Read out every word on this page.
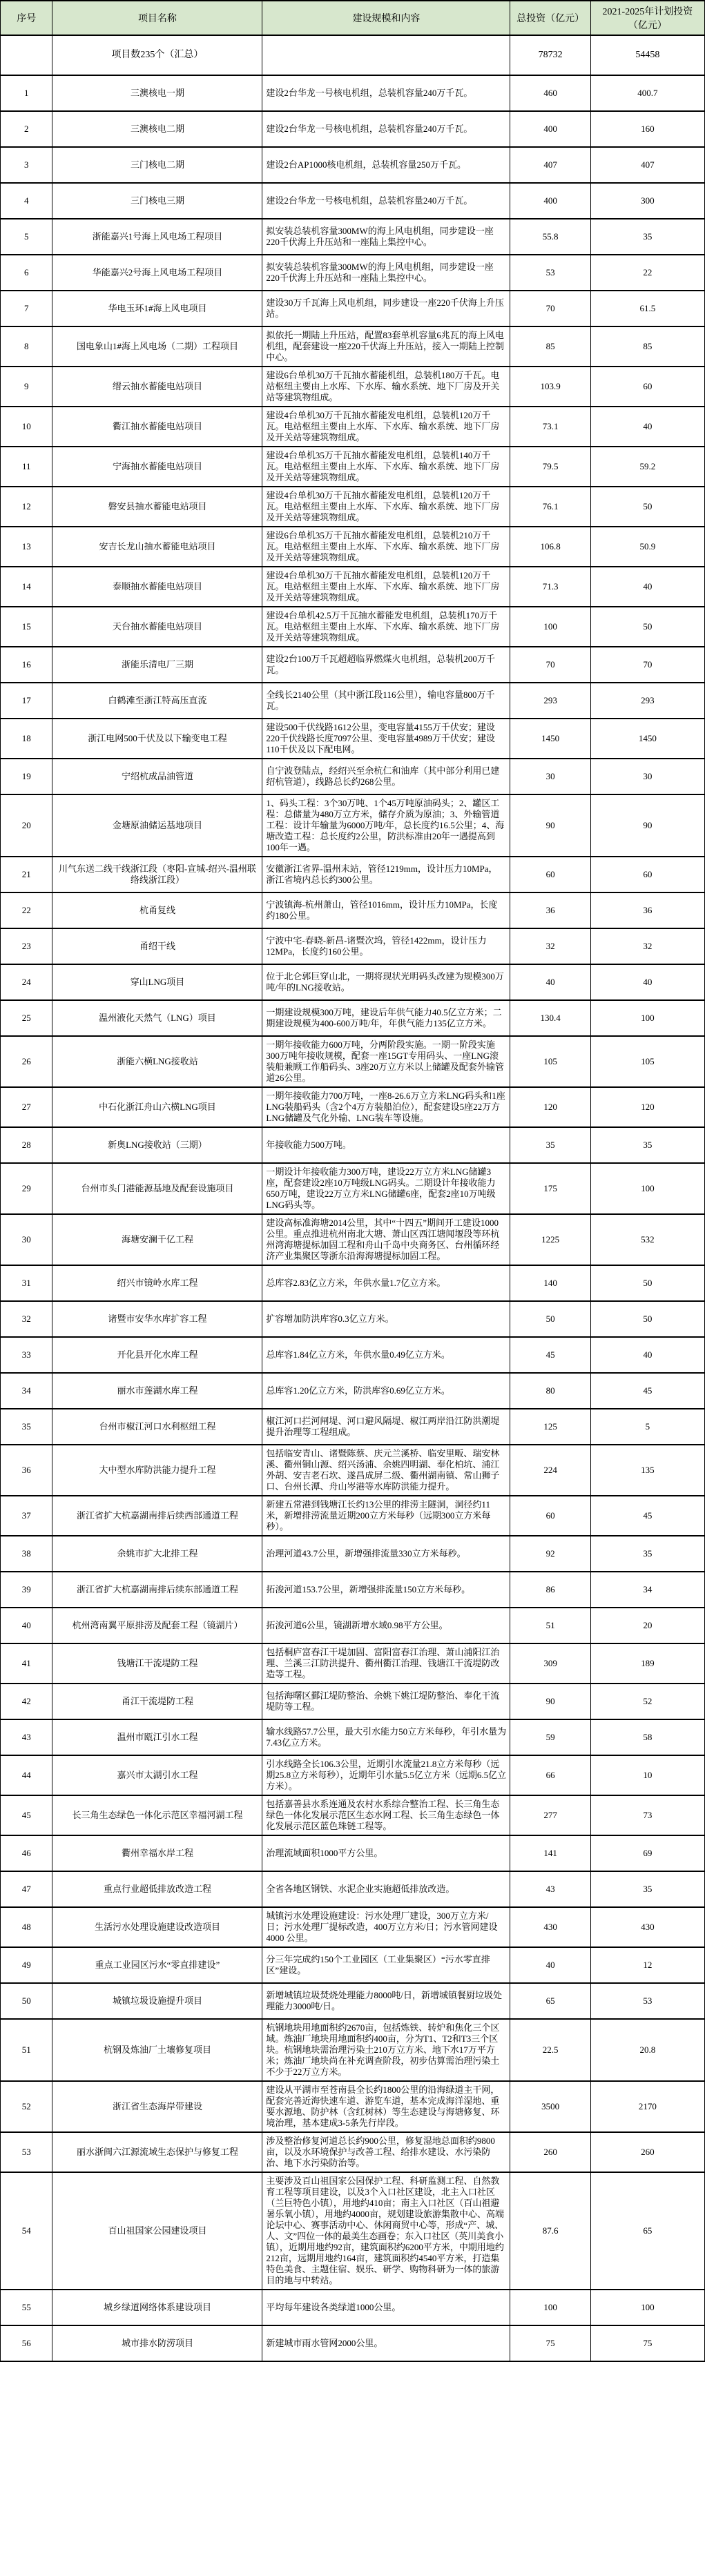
序号	项目名称	建设规模和内容	总投资（亿元）	2021-2025年计划投资（亿元）
	项目数235个（汇总）		78732	54458
1	三澳核电一期	建设2台华龙一号核电机组，总装机容量240万千瓦。	460	400.7
2	三澳核电二期	建设2台华龙一号核电机组，总装机容量240万千瓦。	400	160
3	三门核电二期	建设2台AP1000核电机组，总装机容量250万千瓦。	407	407
4	三门核电三期	建设2台华龙一号核电机组，总装机容量240万千瓦。	400	300
5	浙能嘉兴1号海上风电场工程项目	拟安装总装机容量300MW的海上风电机组，同步建设一座220千伏海上升压站和一座陆上集控中心。	55.8	35
6	华能嘉兴2号海上风电场工程项目	拟安装总装机容量300MW的海上风电机组，同步建设一座220千伏海上升压站和一座陆上集控中心。	53	22
7	华电玉环1#海上风电项目	建设30万千瓦海上风电机组，同步建设一座220千伏海上升压站。	70	61.5
8	国电象山1#海上风电场（二期）工程项目	拟依托一期陆上升压站，配置83套单机容量6兆瓦的海上风电机组，配套建设一座220千伏海上升压站，接入一期陆上控制中心。	85	85
9	缙云抽水蓄能电站项目	建设6台单机30万千瓦抽水蓄能机组，总装机180万千瓦。电站枢纽主要由上水库、下水库、输水系统、地下厂房及开关站等建筑物组成。	103.9	60
10	衢江抽水蓄能电站项目	建设4台单机30万千瓦抽水蓄能发电机组，总装机120万千瓦。电站枢纽主要由上水库、下水库、输水系统、地下厂房及开关站等建筑物组成。	73.1	40
11	宁海抽水蓄能电站项目	建设4台单机35万千瓦抽水蓄能发电机组，总装机140万千瓦。电站枢纽主要由上水库、下水库、输水系统、地下厂房及开关站等建筑物组成。	79.5	59.2
12	磐安县抽水蓄能电站项目	建设4台单机30万千瓦抽水蓄能发电机组，总装机120万千瓦。电站枢纽主要由上水库、下水库、输水系统、地下厂房及开关站等建筑物组成。	76.1	50
13	安吉长龙山抽水蓄能电站项目	建设6台单机35万千瓦抽水蓄能发电机组，总装机210万千瓦。电站枢纽主要由上水库、下水库、输水系统、地下厂房及开关站等建筑物组成。	106.8	50.9
14	泰顺抽水蓄能电站项目	建设4台单机30万千瓦抽水蓄能发电机组，总装机120万千瓦。电站枢纽主要由上水库、下水库、输水系统、地下厂房及开关站等建筑物组成。	71.3	40
15	天台抽水蓄能电站项目	建设4台单机42.5万千瓦抽水蓄能发电机组，总装机170万千瓦。电站枢纽主要由上水库、下水库、输水系统、地下厂房及开关站等建筑物组成。	100	50
16	浙能乐清电厂三期	建设2台100万千瓦超超临界燃煤火电机组，总装机200万千瓦。	70	70
17	白鹤滩至浙江特高压直流	全线长2140公里（其中浙江段116公里），输电容量800万千瓦。	293	293
18	浙江电网500千伏及以下输变电工程	建设500千伏线路1612公里，变电容量4155万千伏安；建设220千伏线路长度7097公里、变电容量4989万千伏安；建设110千伏及以下配电网。	1450	1450
19	宁绍杭成品油管道	自宁波登陆点，经绍兴至余杭仁和油库（其中部分利用已建绍杭管道），线路总长约268公里。	30	30
20	金塘原油储运基地项目	1、码头工程：3个30万吨、1个45万吨原油码头；2、罐区工程：总储量为480万立方米，储存介质为原油；3、外输管道工程：设计年输量为6000万吨/年，总长度约16.5公里；4、海塘改造工程：总长度约2公里，防洪标准由20年一遇提高到100年一遇。	90	90
21	川气东送二线干线浙江段（枣阳-宣城-绍兴-温州联络线浙江段）	安徽浙江省界-温州末站，管径1219mm，设计压力10MPa，浙江省境内总长约300公里。	60	60
22	杭甬复线	宁波镇海-杭州萧山，管径1016mm，设计压力10MPa，长度约180公里。	36	36
23	甬绍干线	宁波中宅-春晓-新昌-诸暨次坞，管径1422mm，设计压力12MPa，长度约160公里。	32	32
24	穿山LNG项目	位于北仑郭巨穿山北，一期将现状光明码头改建为规模300万吨/年的LNG接收站。	40	40
25	温州液化天然气（LNG）项目	一期建设规模300万吨，建设后年供气能力40.5亿立方米；二期建设规模为400-600万吨/年，年供气能力135亿立方米。	130.4	100
26	浙能六横LNG接收站	一期年接收能力600万吨，分两阶段实施。一期一阶段实施300万吨年接收规模，配套一座15GT专用码头、一座LNG滚装船兼顾工作船码头、3座20万立方米以上储罐及配套外输管道26公里。	105	105
27	中石化浙江舟山六横LNG项目	一期年接收能力700万吨，一座8-26.6万立方米LNG码头和1座LNG装船码头（含2个4万方装船泊位），配套建设5座22万方LNG储罐及气化外输、LNG装车等设施。	120	120
28	新奥LNG接收站（三期）	年接收能力500万吨。	35	35
29	台州市头门港能源基地及配套设施项目	一期设计年接收能力300万吨，建设22万立方米LNG储罐3座，配套建设2座10万吨级LNG码头。二期设计年接收能力650万吨，建设22万立方米LNG储罐6座，配套2座10万吨级LNG码头等。	175	100
30	海塘安澜千亿工程	建设高标准海塘2014公里，其中“十四五”期间开工建设1000公里。重点推进杭州南北大塘、萧山区西江塘闻堰段等环杭州湾海塘提标加固工程和舟山千岛中央商务区、台州循环经济产业集聚区等浙东沿海海塘提标加固工程。	1225	532
31	绍兴市镜岭水库工程	总库容2.83亿立方米，年供水量1.7亿立方米。	140	50
32	诸暨市安华水库扩容工程	扩容增加防洪库容0.3亿立方米。	50	50
33	开化县开化水库工程	总库容1.84亿立方米，年供水量0.49亿立方米。	45	40
34	丽水市莲湖水库工程	总库容1.20亿立方米，防洪库容0.69亿立方米。	80	45
35	台州市椒江河口水利枢纽工程	椒江河口拦河闸堤、河口避风隔堤、椒江两岸沿江防洪潮堤提升治理等工程组成。	125	5
36	大中型水库防洪能力提升工程	包括临安青山、诸暨陈蔡、庆元兰溪桥、临安里畈、瑞安林溪、衢州铜山源、绍兴汤浦、余姚四明湖、奉化柏坑、浦江外胡、安吉老石坎、遂昌成屏二级、衢州湖南镇、常山狮子口、台州长潭、舟山岑港等水库防洪能力提升。	224	135
37	浙江省扩大杭嘉湖南排后续西部通道工程	新建五常港到钱塘江长约13公里的排涝主隧洞，洞径约11米，新增排涝流量近期200立方米每秒（远期300立方米每秒）。	60	45
38	余姚市扩大北排工程	治理河道43.7公里，新增强排流量330立方米每秒。	92	35
39	浙江省扩大杭嘉湖南排后续东部通道工程	拓浚河道153.7公里，新增强排流量150立方米每秒。	86	34
40	杭州湾南翼平原排涝及配套工程（镜湖片）	拓浚河道6公里，镜湖新增水域0.98平方公里。	51	20
41	钱塘江干流堤防工程	包括桐庐富春江干堤加固、富阳富春江治理、萧山浦阳江治理、兰溪三江防洪提升、衢州衢江治理、钱塘江干流堤防改造等工程。	309	189
42	甬江干流堤防工程	包括海曙区鄞江堤防整治、余姚下姚江堤防整治、奉化干流堤防等工程。	90	52
43	温州市瓯江引水工程	输水线路57.7公里，最大引水能力50立方米每秒，年引水量为7.43亿立方米。	59	58
44	嘉兴市太湖引水工程	引水线路全长106.3公里，近期引水流量21.8立方米每秒（远期25.8立方米每秒），近期年引水量5.5亿立方米（远期6.5亿立方米）。	66	10
45	长三角生态绿色一体化示范区幸福河湖工程	包括嘉善县水系连通及农村水系综合整治工程、长三角生态绿色一体化发展示范区生态水网工程、长三角生态绿色一体化发展示范区蓝色珠链工程等。	277	73
46	衢州幸福水岸工程	治理流域面积1000平方公里。	141	69
47	重点行业超低排放改造工程	全省各地区钢铁、水泥企业实施超低排放改造。	43	35
48	生活污水处理设施建设改造项目	城镇污水处理设施建设：污水处理厂建设，300万立方米/日；污水处理厂提标改造，400万立方米/日；污水管网建设4000 公里。	430	430
49	重点工业园区污水“零直排建设”	分三年完成约150个工业园区（工业集聚区）“污水零直排区”建设。	40	12
50	城镇垃圾设施提升项目	新增城镇垃圾焚烧处理能力8000吨/日，新增城镇餐厨垃圾处理能力3000吨/日。	65	53
51	杭钢及炼油厂土壤修复项目	杭钢地块用地面积约2670亩，包括炼铁、转炉和焦化三个区域。炼油厂地块用地面积约400亩，分为T1、T2和T3三个区块。杭钢地块需治理污染土210万立方米、地下水17万平方米；炼油厂地块尚在补充调查阶段，初步估算需治理污染土不少于22万立方米。	22.5	20.8
52	浙江省生态海岸带建设	建设从平湖市至苍南县全长约1800公里的沿海绿道主干网，配套完善近海快速车道、游览车道，基本完成海洋湿地、重要水源地、防护林（含红树林）等生态建设与海塘修复、环境治理，基本建成3-5条先行岸段。	3500	2170
53	丽水浙闽六江源流域生态保护与修复工程	涉及整治修复河道总长约900公里，修复湿地总面积约9800亩，以及水环境保护与改善工程、给排水建设、水污染防治、地下水污染防治等。	260	260
54	百山祖国家公园建设项目	主要涉及百山祖国家公园保护工程、科研监测工程、自然教育工程等项目建设，以及3个入口社区建设，北主入口社区（兰巨特色小镇），用地约410亩；南主入口社区（百山祖避暑乐氧小镇），用地约4000亩，规划建设旅游集散中心、高端论坛中心、赛事活动中心、休闲商贸中心等，形成“产、城、人、文”四位一体的最美生态画卷；东入口社区（英川美食小镇），近期用地约92亩，建筑面积约6200平方米，中期用地约212亩，远期用地约164亩，建筑面积约4540平方米，打造集特色美食、主题住宿、娱乐、研学、购物科研为一体的旅游目的地与中转站。	87.6	65
55	城乡绿道网络体系建设项目	平均每年建设各类绿道1000公里。	100	100
56	城市排水防涝项目	新建城市雨水管网2000公里。	75	75
